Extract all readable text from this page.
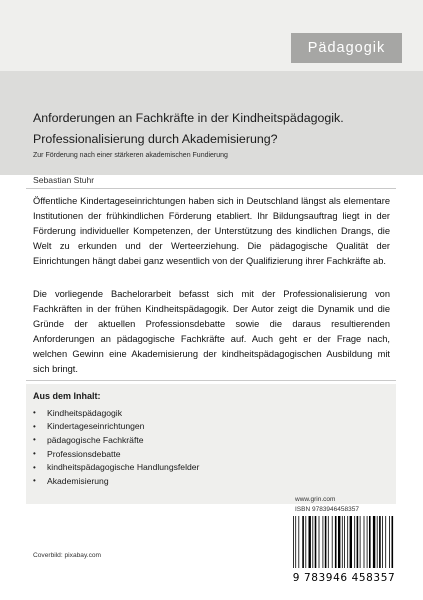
Pädagogik
Anforderungen an Fachkräfte in der Kindheitspädagogik.
Professionalisierung durch Akademisierung?
Zur Förderung nach einer stärkeren akademischen Fundierung
Sebastian Stuhr
Öffentliche Kindertageseinrichtungen haben sich in Deutschland längst als elementare Institutionen der frühkindlichen Förderung etabliert. Ihr Bildungsauftrag liegt in der Förderung individueller Kompetenzen, der Unterstützung des kindlichen Drangs, die Welt zu erkunden und der Werteerziehung. Die pädagogische Qualität der Einrichtungen hängt dabei ganz wesentlich von der Qualifizierung ihrer Fachkräfte ab.
Die vorliegende Bachelorarbeit befasst sich mit der Professionalisierung von Fachkräften in der frühen Kindheitspädagogik. Der Autor zeigt die Dynamik und die Gründe der aktuellen Professionsdebatte sowie die daraus resultierenden Anforderungen an pädagogische Fachkräfte auf. Auch geht er der Frage nach, welchen Gewinn eine Akademisierung der kindheitspädagogischen Ausbildung mit sich bringt.
Aus dem Inhalt:
•	Kindheitspädagogik
•	Kindertageseinrichtungen
•	pädagogische Fachkräfte
•	Professionsdebatte
•	kindheitspädagogische Handlungsfelder
•	Akademisierung
www.grin.com
ISBN 9783946458357
9 783946 458357
Coverbild: pixabay.com
